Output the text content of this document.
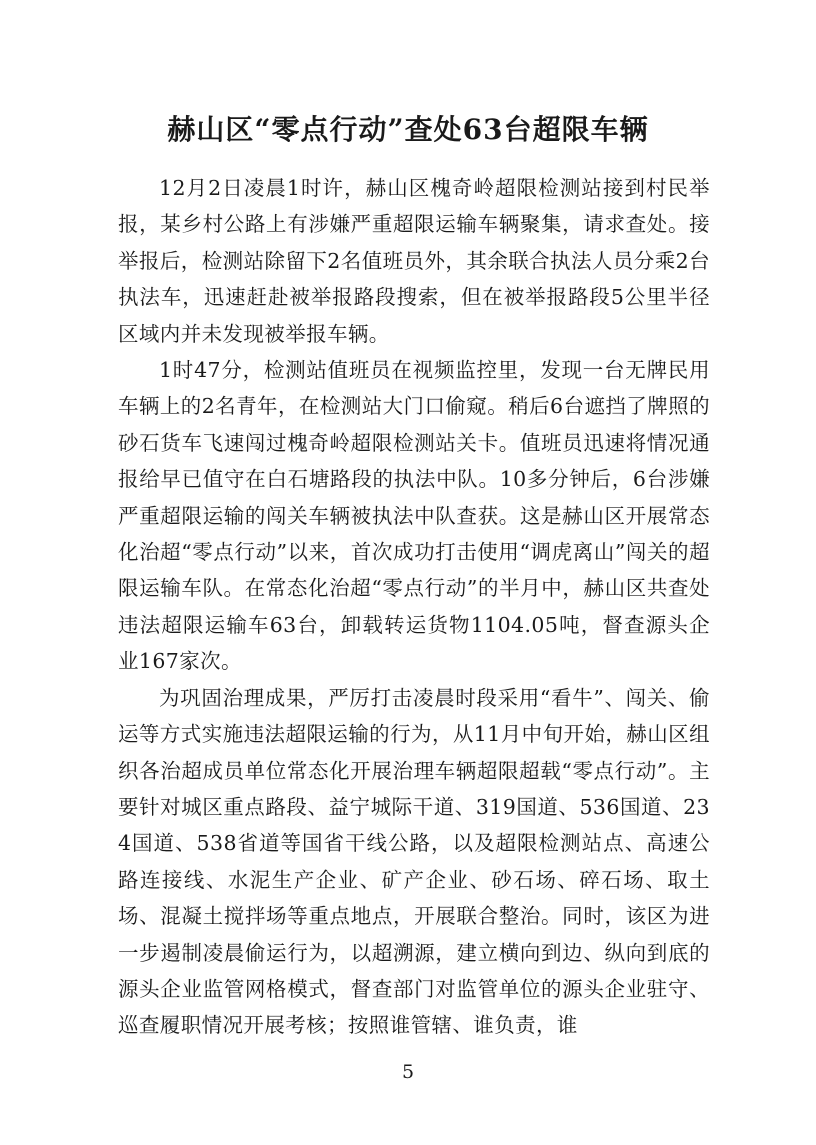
赫山区“零点行动”查处63台超限车辆

12月2日凌晨1时许，赫山区槐奇岭超限检测站接到村民举报，某乡村公路上有涉嫌严重超限运输车辆聚集，请求查处。接举报后，检测站除留下2名值班员外，其余联合执法人员分乘2台执法车，迅速赶赴被举报路段搜索，但在被举报路段5公里半径区域内并未发现被举报车辆。

1时47分，检测站值班员在视频监控里，发现一台无牌民用车辆上的2名青年，在检测站大门口偷窥。稍后6台遮挡了牌照的砂石货车飞速闯过槐奇岭超限检测站关卡。值班员迅速将情况通报给早已值守在白石塘路段的执法中队。10多分钟后，6台涉嫌严重超限运输的闯关车辆被执法中队查获。这是赫山区开展常态化治超“零点行动”以来，首次成功打击使用“调虎离山”闯关的超限运输车队。在常态化治超“零点行动”的半月中，赫山区共查处违法超限运输车63台，卸载转运货物1104.05吨，督查源头企业167家次。

为巩固治理成果，严厉打击凌晨时段采用“看牛”、闯关、偷运等方式实施违法超限运输的行为，从11月中旬开始，赫山区组织各治超成员单位常态化开展治理车辆超限超载“零点行动”。主要针对城区重点路段、益宁城际干道、319国道、536国道、234国道、538省道等国省干线公路，以及超限检测站点、高速公路连接线、水泥生产企业、矿产企业、砂石场、碎石场、取土场、混凝土搅拌场等重点地点，开展联合整治。同时，该区为进一步遏制凌晨偷运行为，以超溯源，建立横向到边、纵向到底的源头企业监管网格模式，督查部门对监管单位的源头企业驻守、巡查履职情况开展考核；按照谁管辖、谁负责，谁

5
